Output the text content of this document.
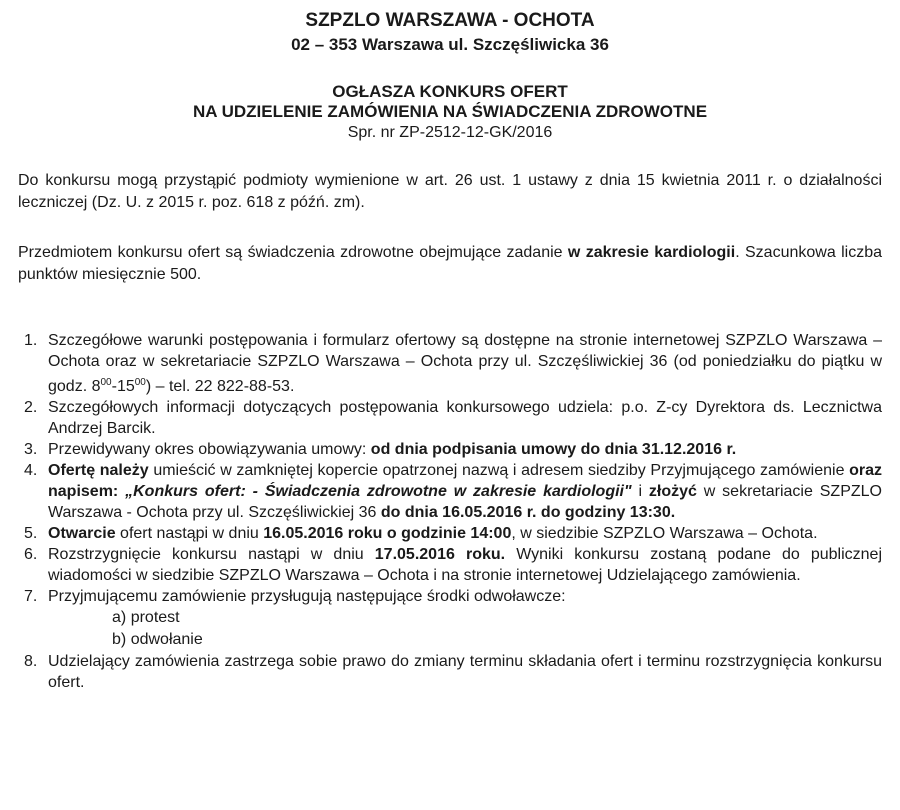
SZPZLO WARSZAWA - OCHOTA
02 – 353 Warszawa ul. Szczęśliwicka 36
OGŁASZA KONKURS OFERT
NA UDZIELENIE ZAMÓWIENIA NA ŚWIADCZENIA ZDROWOTNE
Spr. nr ZP-2512-12-GK/2016

Do konkursu mogą przystąpić podmioty wymienione w art. 26 ust. 1 ustawy z dnia 15 kwietnia 2011 r. o działalności leczniczej (Dz. U. z 2015 r. poz. 618 z późń. zm).

Przedmiotem konkursu ofert są świadczenia zdrowotne obejmujące zadanie w zakresie kardiologii. Szacunkowa liczba punktów miesięcznie 500.

1. Szczegółowe warunki postępowania i formularz ofertowy są dostępne na stronie internetowej SZPZLO Warszawa – Ochota oraz w sekretariacie SZPZLO Warszawa – Ochota przy ul. Szczęśliwickiej 36 (od poniedziałku do piątku w godz. $8^{00}-15^{00}$) – tel. 22 822-88-53.
2. Szczegółowych informacji dotyczących postępowania konkursowego udziela: p.o. Z-cy Dyrektora ds. Lecznictwa Andrzej Barcik.
3. Przewidywany okres obowiązywania umowy: od dnia podpisania umowy do dnia 31.12.2016 r.
4. Ofertę należy umieścić w zamkniętej kopercie opatrzonej nazwą i adresem siedziby Przyjmującego zamówienie oraz napisem: „Konkurs ofert: - Świadczenia zdrowotne w zakresie kardiologii" i złożyć w sekretariacie SZPZLO Warszawa - Ochota przy ul. Szczęśliwickiej 36 do dnia 16.05.2016 r. do godziny 13:30.
5. Otwarcie ofert nastąpi w dniu 16.05.2016 roku o godzinie 14:00, w siedzibie SZPZLO Warszawa – Ochota.
6. Rozstrzygnięcie konkursu nastąpi w dniu 17.05.2016 roku. Wyniki konkursu zostaną podane do publicznej wiadomości w siedzibie SZPZLO Warszawa – Ochota i na stronie internetowej Udzielającego zamówienia.
7. Przyjmującemu zamówienie przysługują następujące środki odwoławcze:
a) protest
b) odwołanie
8. Udzielający zamówienia zastrzega sobie prawo do zmiany terminu składania ofert i terminu rozstrzygnięcia konkursu ofert.
